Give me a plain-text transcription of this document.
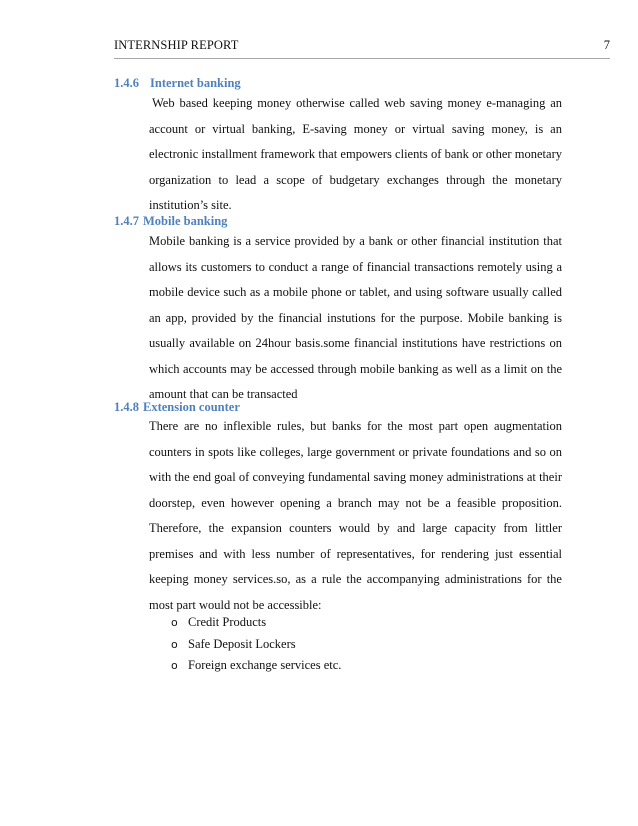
INTERNSHIP REPORT	7
1.4.6 Internet banking

Web based keeping money otherwise called web saving money e-managing an account or virtual banking, E-saving money or virtual saving money, is an electronic installment framework that empowers clients of bank or other monetary organization to lead a scope of budgetary exchanges through the monetary institution’s site.

1.4.7 Mobile banking

Mobile banking is a service provided by a bank or other financial institution that allows its customers to conduct a range of financial transactions remotely using a mobile device such as a mobile phone or tablet, and using software usually called an app, provided by the financial instutions for the purpose. Mobile banking is usually available on 24hour basis.some financial institutions have restrictions on which accounts may be accessed through mobile banking as well as a limit on the amount that can be transacted

1.4.8 Extension counter

There are no inflexible rules, but banks for the most part open augmentation counters in spots like colleges, large government or private foundations and so on with the end goal of conveying fundamental saving money administrations at their doorstep, even however opening a branch may not be a feasible proposition. Therefore, the expansion counters would by and large capacity from littler premises and with less number of representatives, for rendering just essential keeping money services.so, as a rule the accompanying administrations for the most part would not be accessible:

o Credit Products
o Safe Deposit Lockers
o Foreign exchange services etc.
